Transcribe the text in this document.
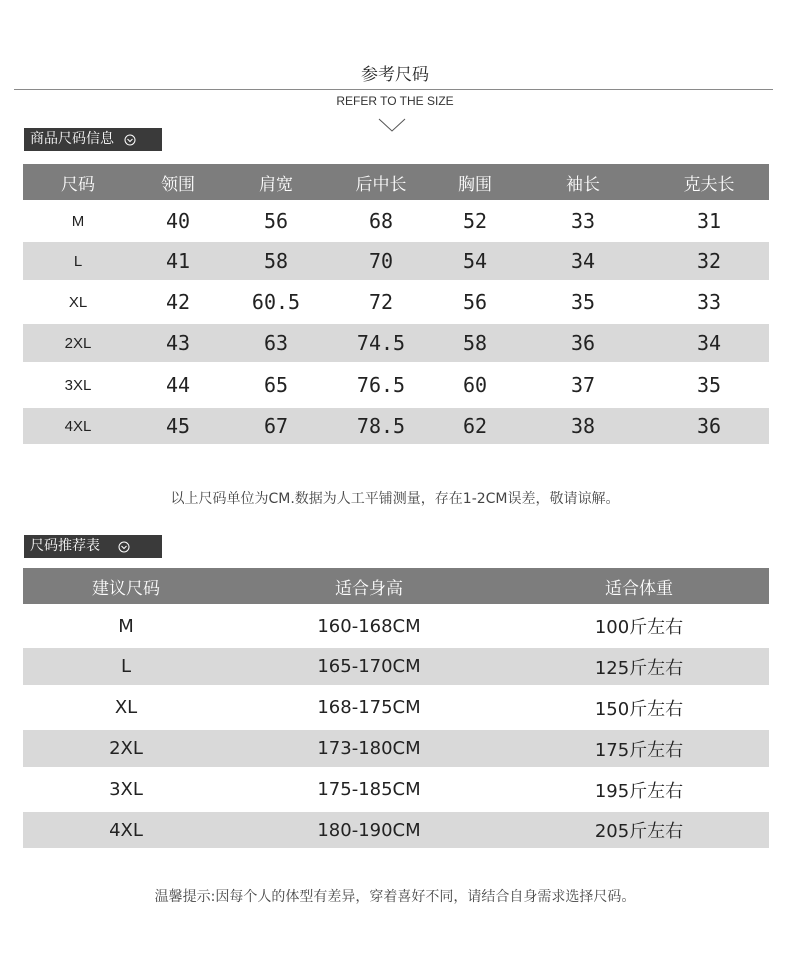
参考尺码
REFER TO THE SIZE
商品尺码信息
尺码	领围	肩宽	后中长	胸围	袖长	克夫长
M	40	56	68	52	33	31
L	41	58	70	54	34	32
XL	42	60.5	72	56	35	33
2XL	43	63	74.5	58	36	34
3XL	44	65	76.5	60	37	35
4XL	45	67	78.5	62	38	36
以上尺码单位为CM.数据为人工平铺测量，存在1-2CM误差，敬请谅解。
尺码推荐表
建议尺码	适合身高	适合体重
M	160-168CM	100斤左右
L	165-170CM	125斤左右
XL	168-175CM	150斤左右
2XL	173-180CM	175斤左右
3XL	175-185CM	195斤左右
4XL	180-190CM	205斤左右
温馨提示:因每个人的体型有差异，穿着喜好不同，请结合自身需求选择尺码。
